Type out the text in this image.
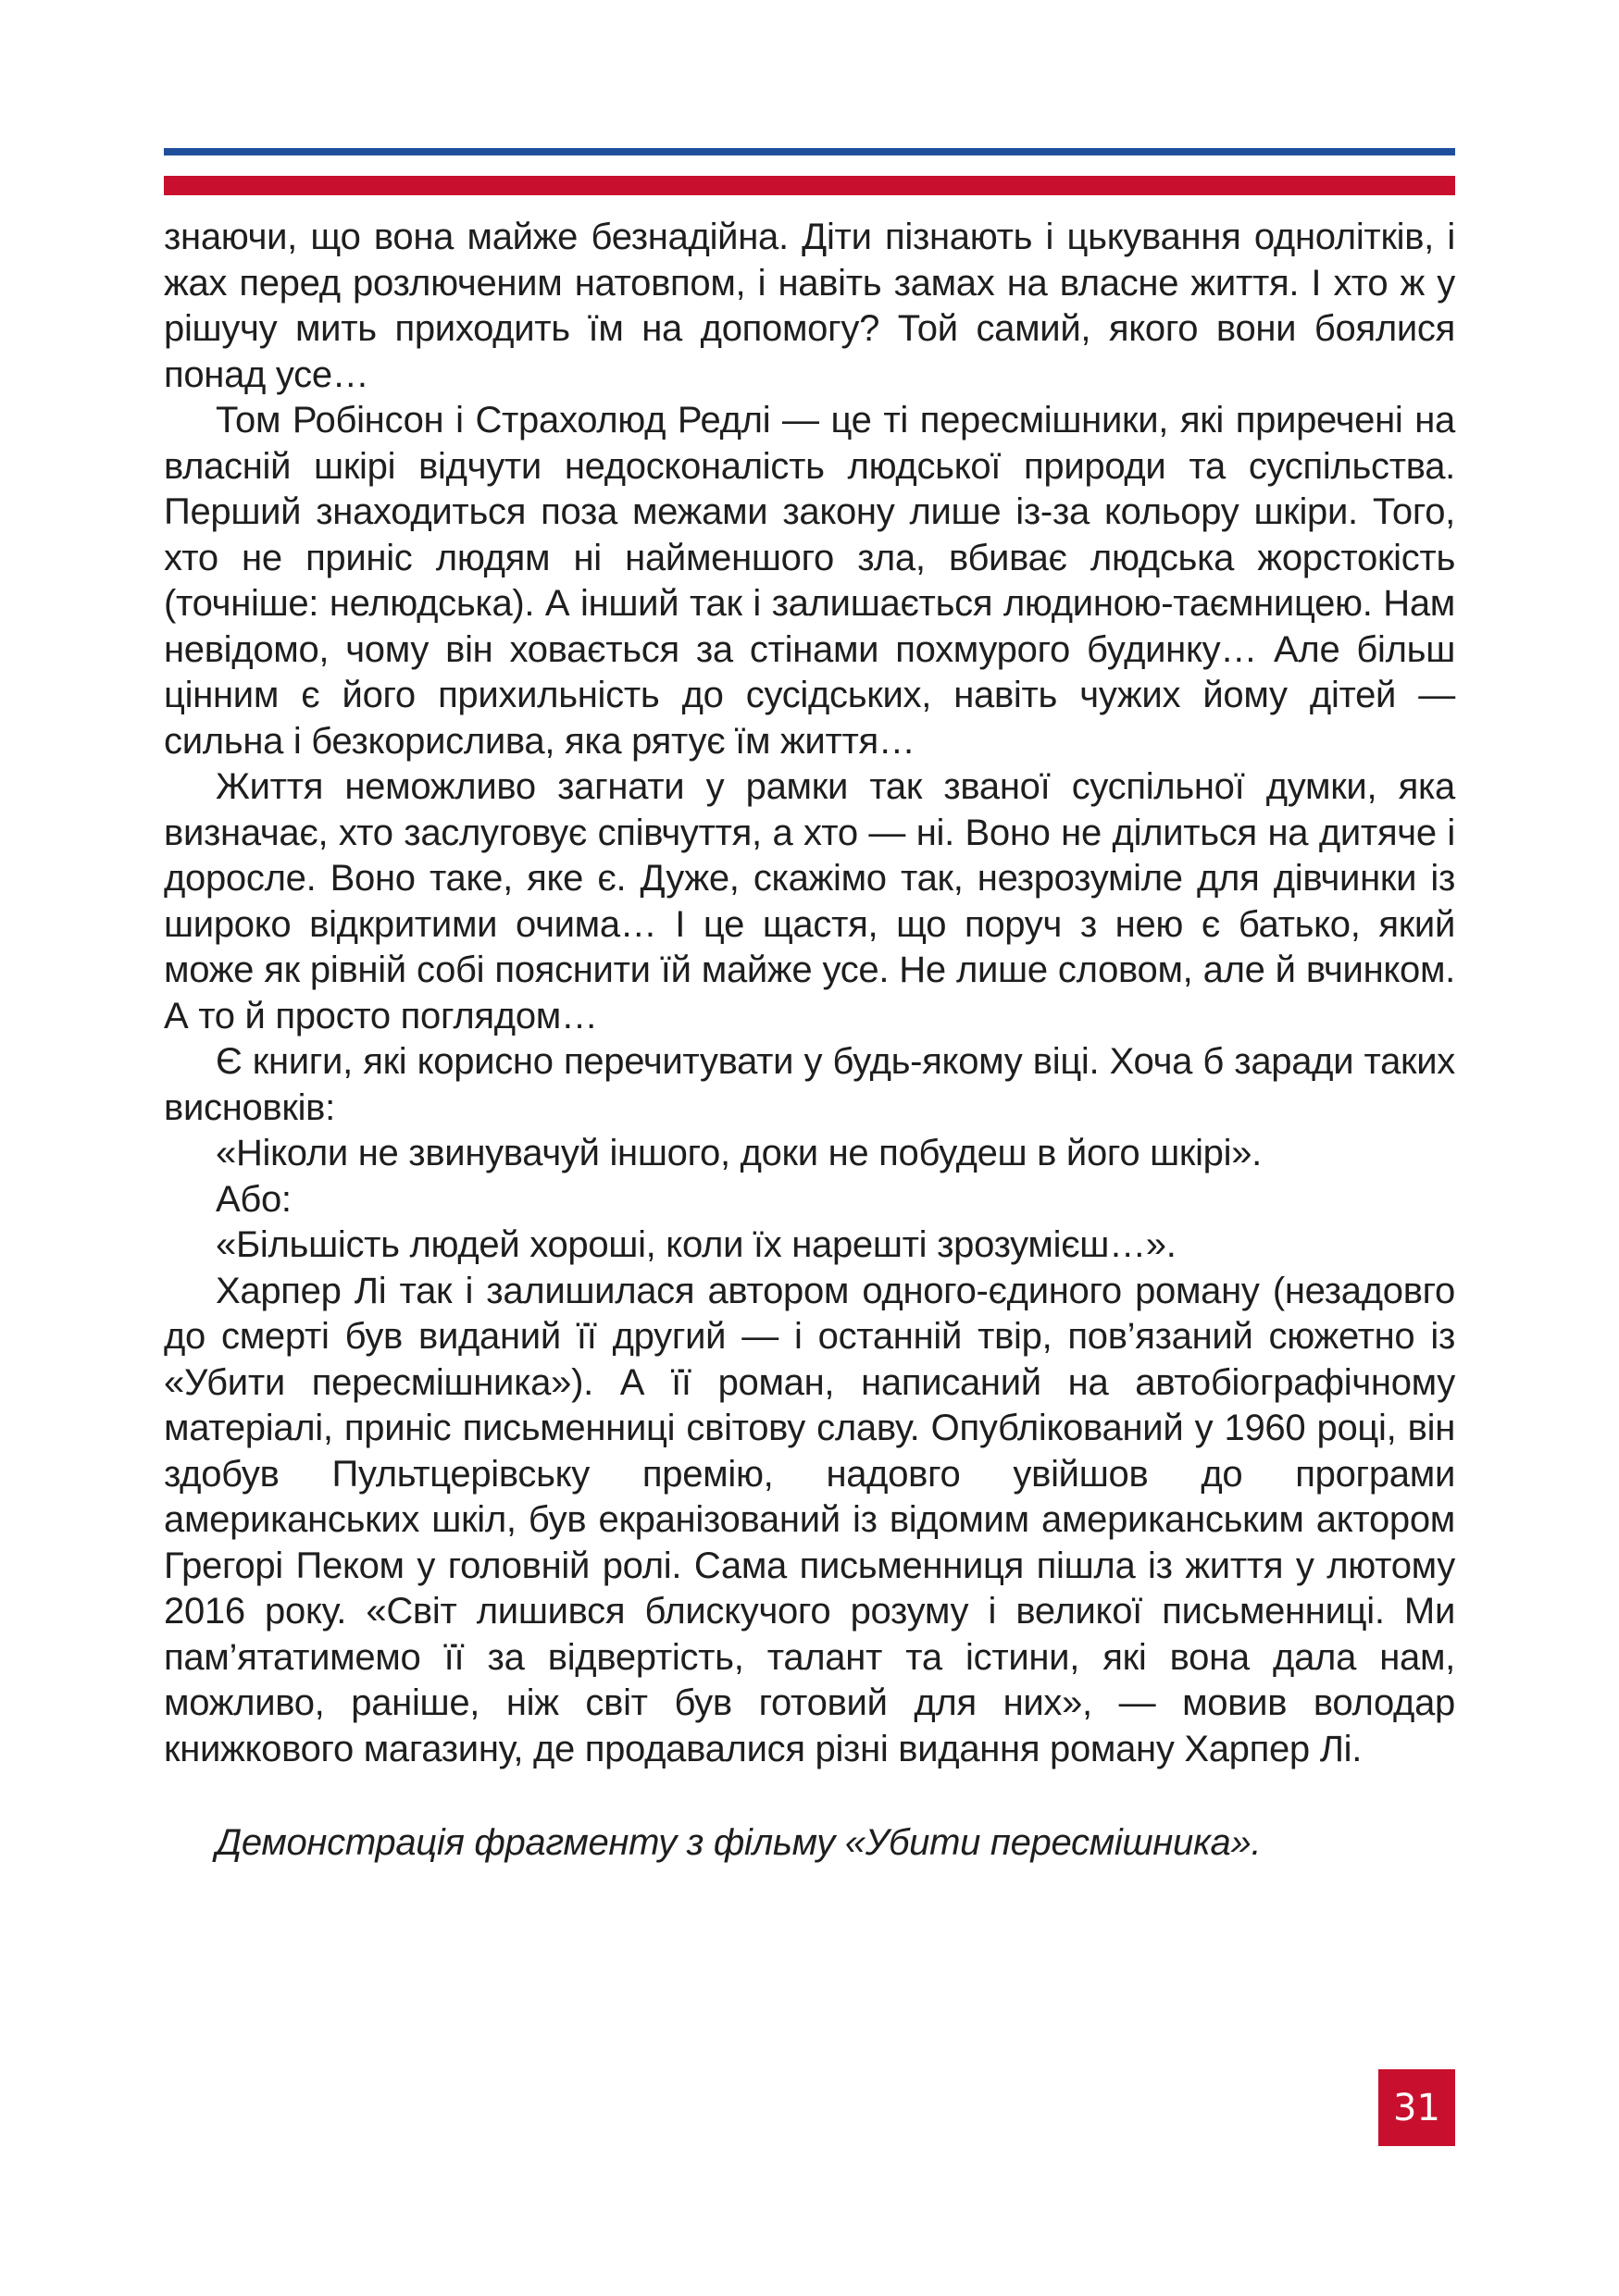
знаючи, що вона майже безнадійна. Діти пізнають і цькування однолітків, і жах перед розлюченим натовпом, і навіть замах на власне життя. І хто ж у рішучу мить приходить їм на допомогу? Той самий, якого вони боялися понад усе…

Том Робінсон і Страхолюд Редлі — це ті пересмішники, які приречені на власній шкірі відчути недосконалість людської природи та суспільства. Перший знаходиться поза межами закону лише із-за кольору шкіри. Того, хто не приніс людям ні найменшого зла, вбиває людська жорстокість (точніше: нелюдська). А інший так і залишається людиною-таємницею. Нам невідомо, чому він ховається за стінами похмурого будинку… Але більш цінним є його прихильність до сусідських, навіть чужих йому дітей — сильна і безкорислива, яка рятує їм життя…

Життя неможливо загнати у рамки так званої суспільної думки, яка визначає, хто заслуговує співчуття, а хто — ні. Воно не ділиться на дитяче і доросле. Воно таке, яке є. Дуже, скажімо так, незрозуміле для дівчинки із широко відкритими очима… І це щастя, що поруч з нею є батько, який може як рівній собі пояснити їй майже усе. Не лише словом, але й вчинком. А то й просто поглядом…

Є книги, які корисно перечитувати у будь-якому віці. Хоча б заради таких висновків:

«Ніколи не звинувачуй іншого, доки не побудеш в його шкірі».

Або:

«Більшість людей хороші, коли їх нарешті зрозумієш…».

Харпер Лі так і залишилася автором одного-єдиного роману (незадовго до смерті був виданий її другий — і останній твір, пов’язаний сюжетно із «Убити пересмішника»). А її роман, написаний на автобіографічному матеріалі, приніс письменниці світову славу. Опублікований у 1960 році, він здобув Пультцерівську премію, надовго увійшов до програми американських шкіл, був екранізований із відомим американським актором Грегорі Пеком у головній ролі. Сама письменниця пішла із життя у лютому 2016 року. «Світ лишився блискучого розуму і великої письменниці. Ми пам’ятатимемо її за відвертість, талант та істини, які вона дала нам, можливо, раніше, ніж світ був готовий для них», — мовив володар книжкового магазину, де продавалися різні видання роману Харпер Лі.

Демонстрація фрагменту з фільму «Убити пересмішника».

31
